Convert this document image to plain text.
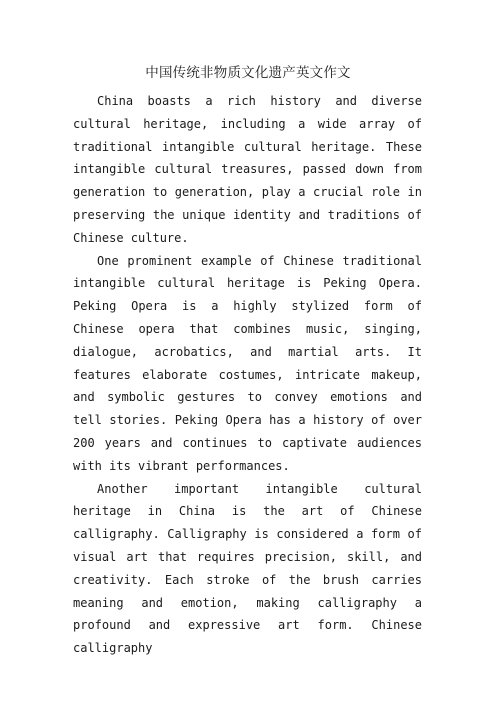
中国传统非物质文化遗产英文作文

China boasts a rich history and diverse cultural heritage, including a wide array of traditional intangible cultural heritage. These intangible cultural treasures, passed down from generation to generation, play a crucial role in preserving the unique identity and traditions of Chinese culture.

One prominent example of Chinese traditional intangible cultural heritage is Peking Opera. Peking Opera is a highly stylized form of Chinese opera that combines music, singing, dialogue, acrobatics, and martial arts. It features elaborate costumes, intricate makeup, and symbolic gestures to convey emotions and tell stories. Peking Opera has a history of over 200 years and continues to captivate audiences with its vibrant performances.

Another important intangible cultural heritage in China is the art of Chinese calligraphy. Calligraphy is considered a form of visual art that requires precision, skill, and creativity. Each stroke of the brush carries meaning and emotion, making calligraphy a profound and expressive art form. Chinese calligraphy
